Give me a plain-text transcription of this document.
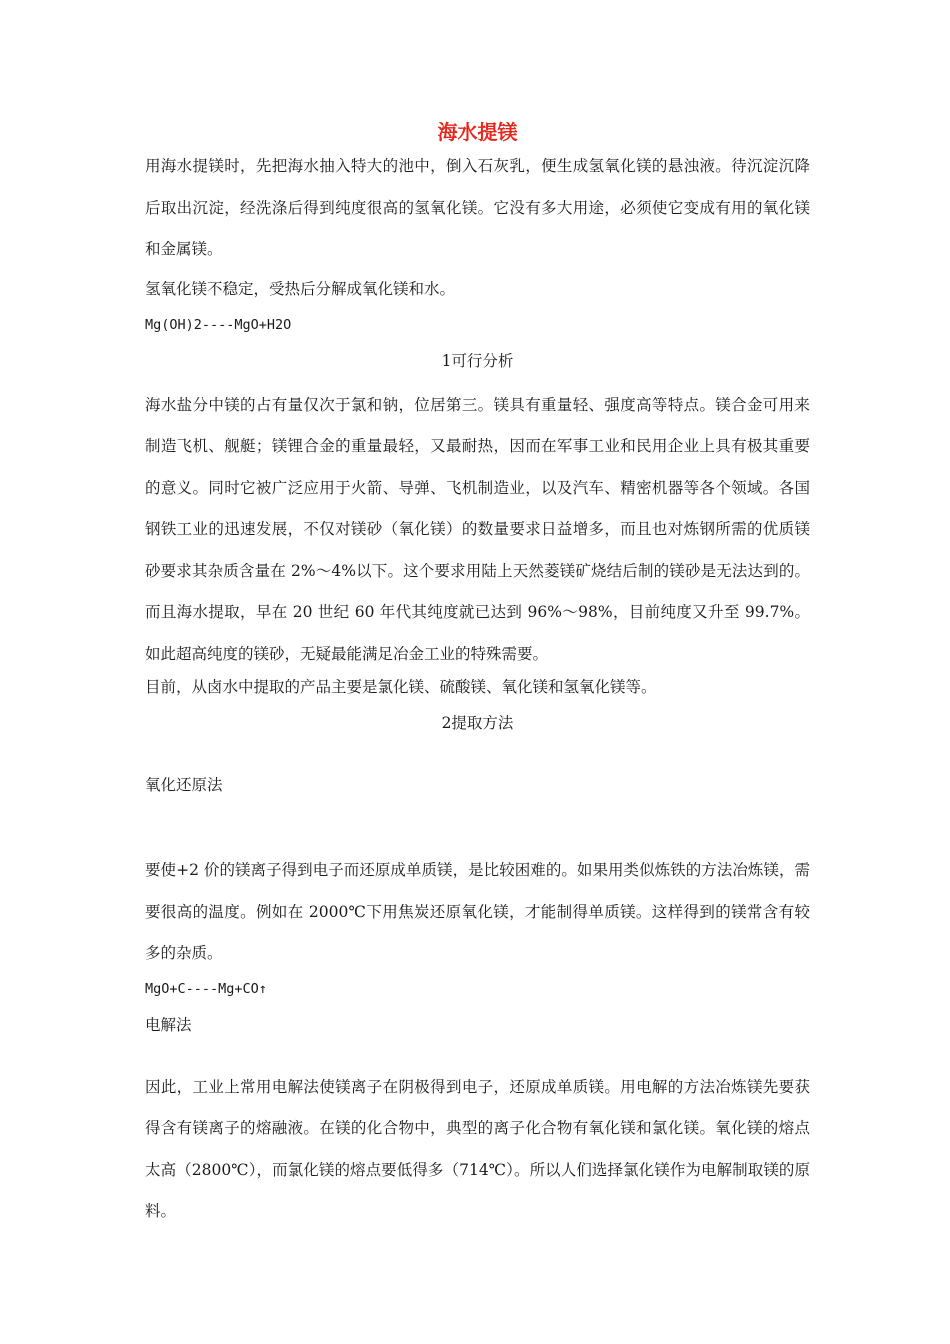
海水提镁

用海水提镁时，先把海水抽入特大的池中，倒入石灰乳，便生成氢氧化镁的悬浊液。待沉淀沉降后取出沉淀，经洗涤后得到纯度很高的氢氧化镁。它没有多大用途，必须使它变成有用的氧化镁和金属镁。

氢氧化镁不稳定，受热后分解成氧化镁和水。

Mg(OH)2----MgO+H2O

1可行分析

海水盐分中镁的占有量仅次于氯和钠，位居第三。镁具有重量轻、强度高等特点。镁合金可用来制造飞机、舰艇；镁锂合金的重量最轻，又最耐热，因而在军事工业和民用企业上具有极其重要的意义。同时它被广泛应用于火箭、导弹、飞机制造业，以及汽车、精密机器等各个领域。各国钢铁工业的迅速发展，不仅对镁砂（氧化镁）的数量要求日益增多，而且也对炼钢所需的优质镁砂要求其杂质含量在 2%～4%以下。这个要求用陆上天然菱镁矿烧结后制的镁砂是无法达到的。而且海水提取，早在 20 世纪 60 年代其纯度就已达到 96%～98%，目前纯度又升至 99.7%。如此超高纯度的镁砂，无疑最能满足冶金工业的特殊需要。

目前，从卤水中提取的产品主要是氯化镁、硫酸镁、氧化镁和氢氧化镁等。

2提取方法

氧化还原法

要使+2 价的镁离子得到电子而还原成单质镁，是比较困难的。如果用类似炼铁的方法冶炼镁，需要很高的温度。例如在 2000℃下用焦炭还原氧化镁，才能制得单质镁。这样得到的镁常含有较多的杂质。

MgO+C----Mg+CO↑

电解法

因此，工业上常用电解法使镁离子在阴极得到电子，还原成单质镁。用电解的方法冶炼镁先要获得含有镁离子的熔融液。在镁的化合物中，典型的离子化合物有氧化镁和氯化镁。氧化镁的熔点太高（2800℃），而氯化镁的熔点要低得多（714℃）。所以人们选择氯化镁作为电解制取镁的原料。
